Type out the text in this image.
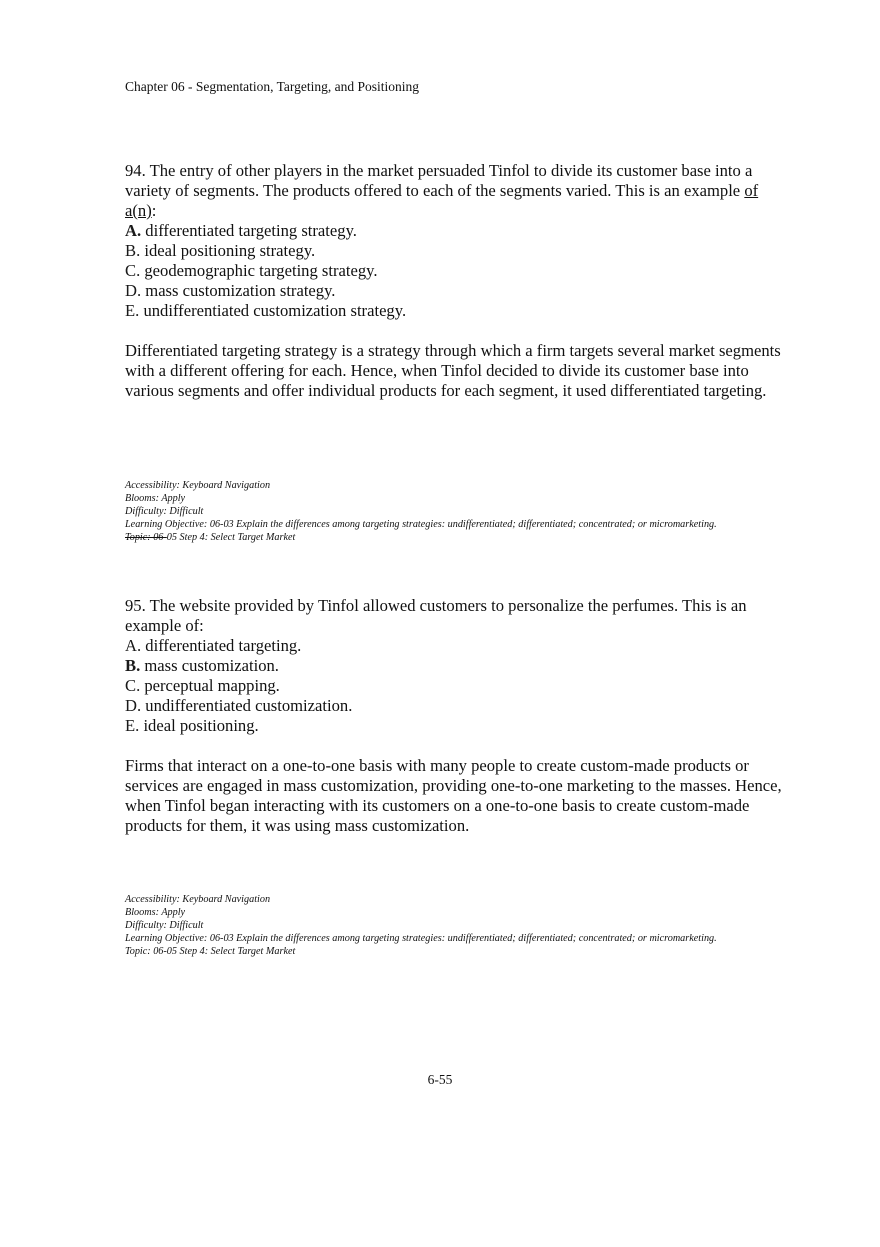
Chapter 06 - Segmentation, Targeting, and Positioning

94. The entry of other players in the market persuaded Tinfol to divide its customer base into a variety of segments. The products offered to each of the segments varied. This is an example of a(n):

A. differentiated targeting strategy.
B. ideal positioning strategy.
C. geodemographic targeting strategy.
D. mass customization strategy.
E. undifferentiated customization strategy.

Differentiated targeting strategy is a strategy through which a firm targets several market segments with a different offering for each. Hence, when Tinfol decided to divide its customer base into various segments and offer individual products for each segment, it used differentiated targeting.

Accessibility: Keyboard Navigation
Blooms: Apply
Difficulty: Difficult
Learning Objective: 06-03 Explain the differences among targeting strategies: undifferentiated; differentiated; concentrated; or micromarketing.
Topic: 06-05 Step 4: Select Target Market

95. The website provided by Tinfol allowed customers to personalize the perfumes. This is an example of:

A. differentiated targeting.
B. mass customization.
C. perceptual mapping.
D. undifferentiated customization.
E. ideal positioning.

Firms that interact on a one-to-one basis with many people to create custom-made products or services are engaged in mass customization, providing one-to-one marketing to the masses. Hence, when Tinfol began interacting with its customers on a one-to-one basis to create custom-made products for them, it was using mass customization.

Accessibility: Keyboard Navigation
Blooms: Apply
Difficulty: Difficult
Learning Objective: 06-03 Explain the differences among targeting strategies: undifferentiated; differentiated; concentrated; or micromarketing.
Topic: 06-05 Step 4: Select Target Market
6-55
